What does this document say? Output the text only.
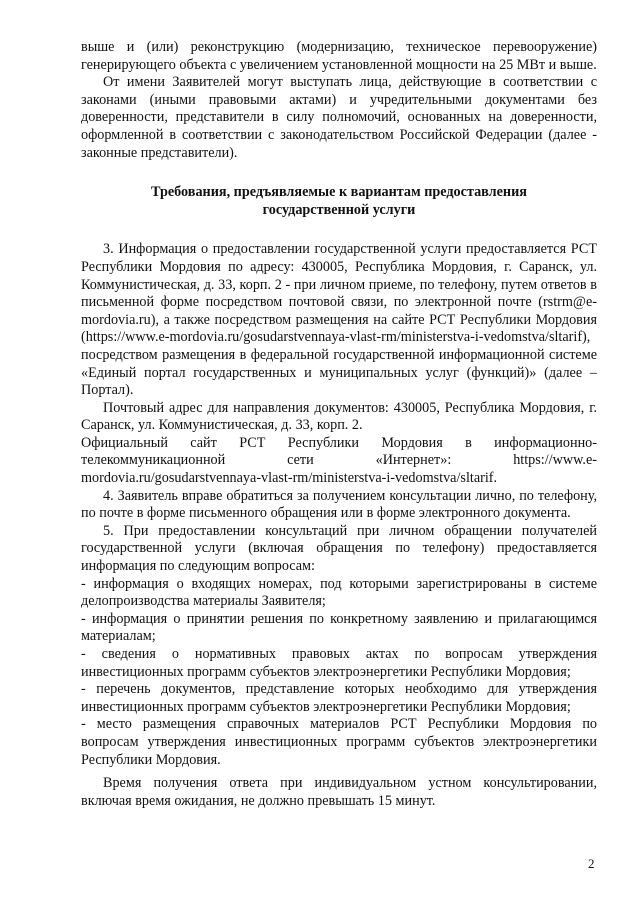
выше и (или) реконструкцию (модернизацию, техническое перевооружение) генерирующего объекта с увеличением установленной мощности на 25 МВт и выше.

От имени Заявителей могут выступать лица, действующие в соответствии с законами (иными правовыми актами) и учредительными документами без доверенности, представители в силу полномочий, основанных на доверенности, оформленной в соответствии с законодательством Российской Федерации (далее - законные представители).

Требования, предъявляемые к вариантам предоставления
государственной услуги

3. Информация о предоставлении государственной услуги предоставляется РСТ Республики Мордовия по адресу: 430005, Республика Мордовия, г. Саранск, ул. Коммунистическая, д. 33, корп. 2 - при личном приеме, по телефону, путем ответов в письменной форме посредством почтовой связи, по электронной почте (rstrm@e-mordovia.ru), а также посредством размещения на сайте РСТ Республики Мордовия (https://www.e-mordovia.ru/gosudarstvennaya-vlast-rm/ministerstva-i-vedomstva/sltarif), посредством размещения в федеральной государственной информационной системе «Единый портал государственных и муниципальных услуг (функций)» (далее – Портал).

Почтовый адрес для направления документов: 430005, Республика Мордовия, г. Саранск, ул. Коммунистическая, д. 33, корп. 2.

Официальный сайт РСТ Республики Мордовия в информационно-телекоммуникационной сети «Интернет»: https://www.e-mordovia.ru/gosudarstvennaya-vlast-rm/ministerstva-i-vedomstva/sltarif.

4. Заявитель вправе обратиться за получением консультации лично, по телефону, по почте в форме письменного обращения или в форме электронного документа.

5. При предоставлении консультаций при личном обращении получателей государственной услуги (включая обращения по телефону) предоставляется информация по следующим вопросам:

- информация о входящих номерах, под которыми зарегистрированы в системе делопроизводства материалы Заявителя;

- информация о принятии решения по конкретному заявлению и прилагающимся материалам;

- сведения о нормативных правовых актах по вопросам утверждения инвестиционных программ субъектов электроэнергетики Республики Мордовия;

- перечень документов, представление которых необходимо для утверждения инвестиционных программ субъектов электроэнергетики Республики Мордовия;

- место размещения справочных материалов РСТ Республики Мордовия по вопросам утверждения инвестиционных программ субъектов электроэнергетики Республики Мордовия.

Время получения ответа при индивидуальном устном консультировании, включая время ожидания, не должно превышать 15 минут.

2
